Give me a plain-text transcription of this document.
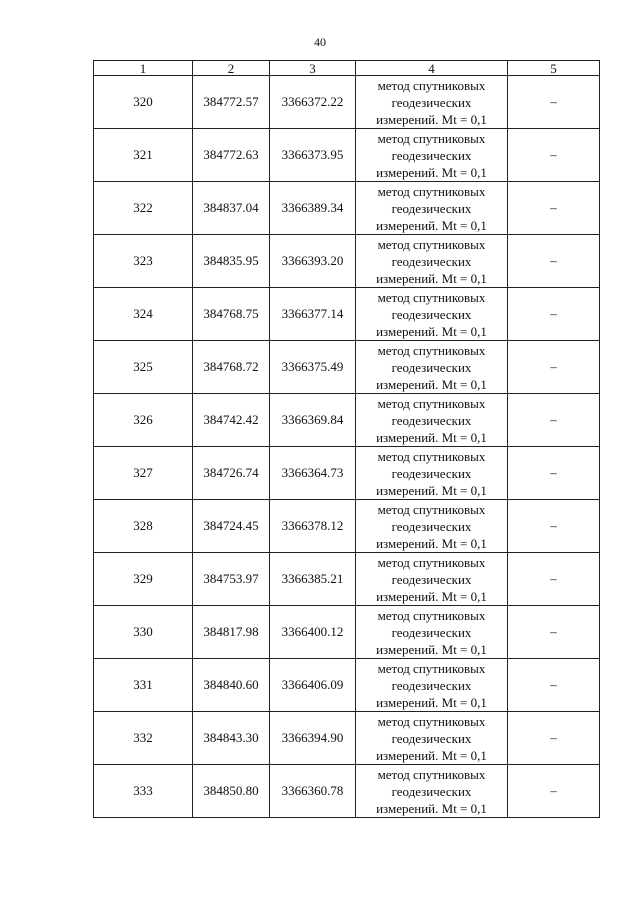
40
1	2	3	4	5
320	384772.57	3366372.22	метод спутниковых
геодезических
измерений. Mt = 0,1	–
321	384772.63	3366373.95	метод спутниковых
геодезических
измерений. Mt = 0,1	–
322	384837.04	3366389.34	метод спутниковых
геодезических
измерений. Mt = 0,1	–
323	384835.95	3366393.20	метод спутниковых
геодезических
измерений. Mt = 0,1	–
324	384768.75	3366377.14	метод спутниковых
геодезических
измерений. Mt = 0,1	–
325	384768.72	3366375.49	метод спутниковых
геодезических
измерений. Mt = 0,1	–
326	384742.42	3366369.84	метод спутниковых
геодезических
измерений. Mt = 0,1	–
327	384726.74	3366364.73	метод спутниковых
геодезических
измерений. Mt = 0,1	–
328	384724.45	3366378.12	метод спутниковых
геодезических
измерений. Mt = 0,1	–
329	384753.97	3366385.21	метод спутниковых
геодезических
измерений. Mt = 0,1	–
330	384817.98	3366400.12	метод спутниковых
геодезических
измерений. Mt = 0,1	–
331	384840.60	3366406.09	метод спутниковых
геодезических
измерений. Mt = 0,1	–
332	384843.30	3366394.90	метод спутниковых
геодезических
измерений. Mt = 0,1	–
333	384850.80	3366360.78	метод спутниковых
геодезических
измерений. Mt = 0,1	–
